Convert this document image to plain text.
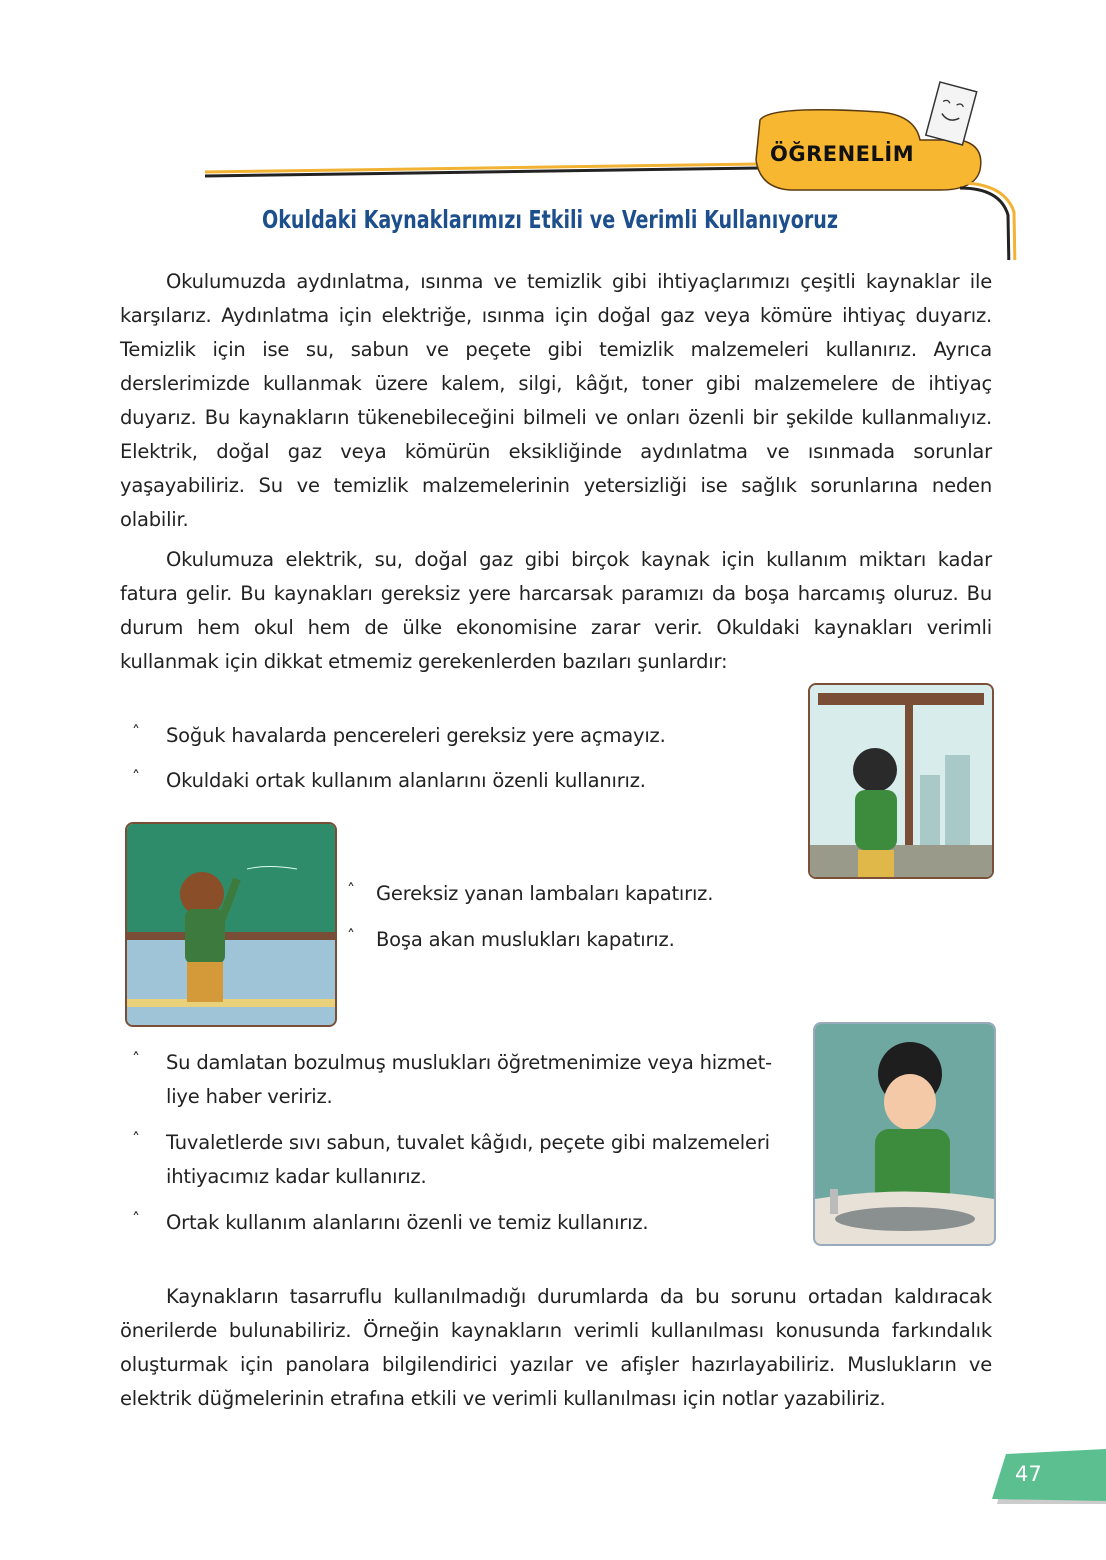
ÖĞRENELİM
Okuldaki Kaynaklarımızı Etkili ve Verimli Kullanıyoruz
Okulumuzda aydınlatma, ısınma ve temizlik gibi ihtiyaçlarımızı çeşitli kaynaklar ile karşılarız. Aydınlatma için elektriğe, ısınma için doğal gaz veya kömüre ihtiyaç duyarız. Temizlik için ise su, sabun ve peçete gibi temizlik malzemeleri kullanırız. Ayrıca derslerimizde kullanmak üzere kalem, silgi, kâğıt, toner gibi malzemelere de ihtiyaç duyarız. Bu kaynakların tükenebileceğini bilmeli ve onları özenli bir şekilde kullanmalıyız. Elektrik, doğal gaz veya kömürün eksikliğinde aydınlatma ve ısınmada sorunlar yaşayabiliriz. Su ve temizlik malzemelerinin yetersizliği ise sağlık sorunlarına neden olabilir.
Okulumuza elektrik, su, doğal gaz gibi birçok kaynak için kullanım miktarı kadar fatura gelir. Bu kaynakları gereksiz yere harcarsak paramızı da boşa harcamış oluruz. Bu durum hem okul hem de ülke ekonomisine zarar verir. Okuldaki kaynakları verimli kullanmak için dikkat etmemiz gerekenlerden bazıları şunlardır:
˄ Soğuk havalarda pencereleri gereksiz yere açmayız.
˄ Okuldaki ortak kullanım alanlarını özenli kullanırız.
˄ Gereksiz yanan lambaları kapatırız.
˄ Boşa akan muslukları kapatırız.
˄ Su damlatan bozulmuş muslukları öğretmenimize veya hizmet-liye haber veririz.
˄ Tuvaletlerde sıvı sabun, tuvalet kâğıdı, peçete gibi malzemeleri ihtiyacımız kadar kullanırız.
˄ Ortak kullanım alanlarını özenli ve temiz kullanırız.
Kaynakların tasarruflu kullanılmadığı durumlarda da bu sorunu ortadan kaldıracak önerilerde bulunabiliriz. Örneğin kaynakların verimli kullanılması konusunda farkındalık oluşturmak için panolara bilgilendirici yazılar ve afişler hazırlayabiliriz. Muslukların ve elektrik düğmelerinin etrafına etkili ve verimli kullanılması için notlar yazabiliriz.
47
